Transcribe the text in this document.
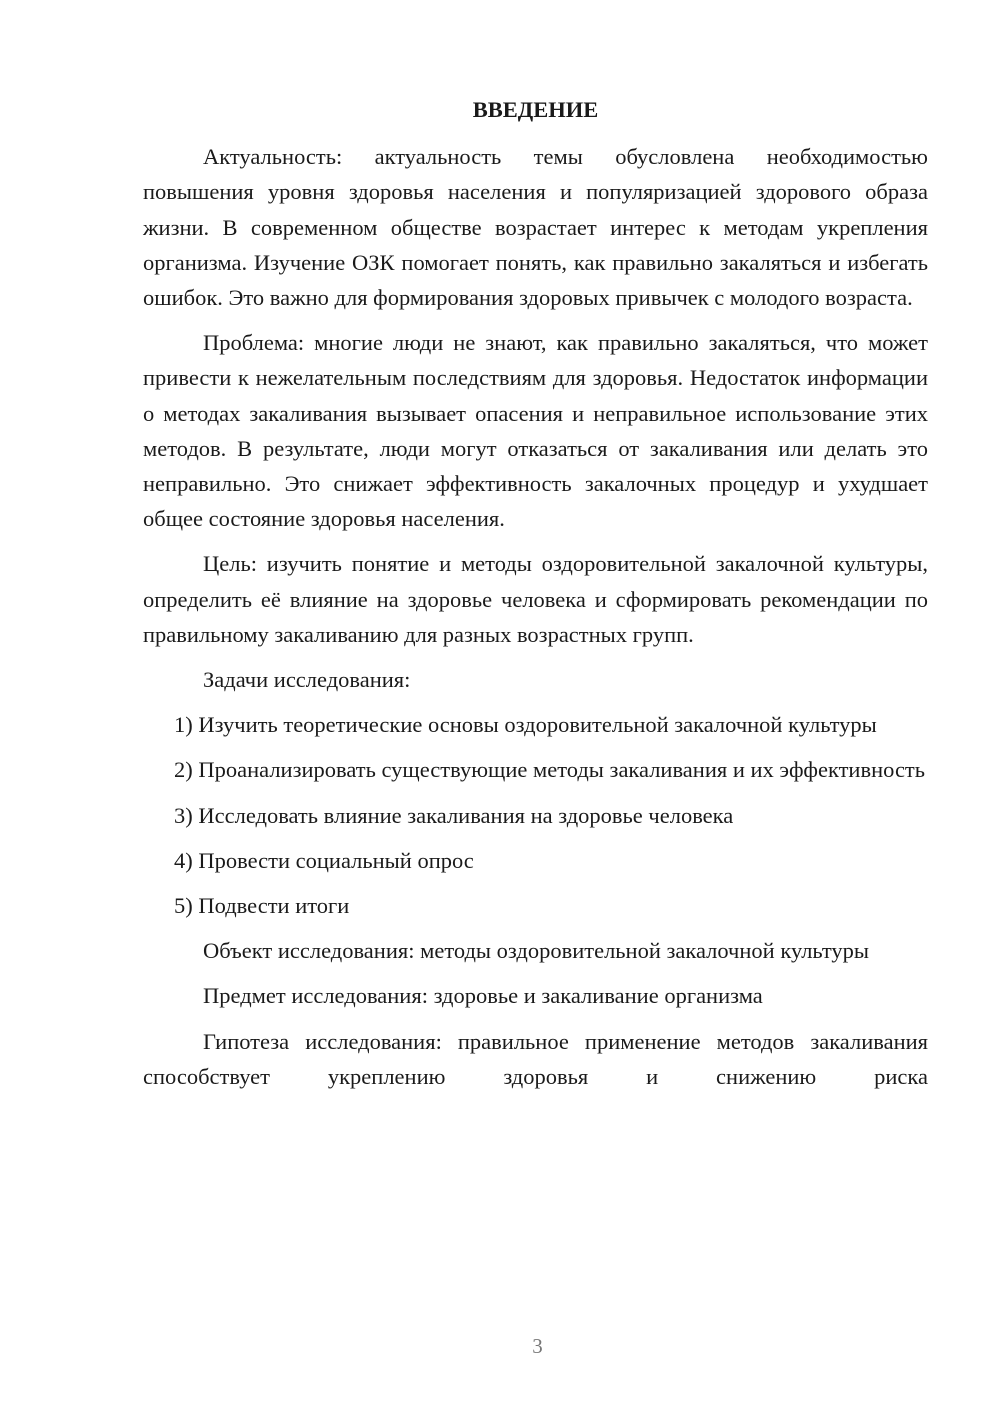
ВВЕДЕНИЕ

Актуальность: актуальность темы обусловлена необходимостью повышения уровня здоровья населения и популяризацией здорового образа жизни. В современном обществе возрастает интерес к методам укрепления организма. Изучение ОЗК помогает понять, как правильно закаляться и избегать ошибок. Это важно для формирования здоровых привычек с молодого возраста.

Проблема: многие люди не знают, как правильно закаляться, что может привести к нежелательным последствиям для здоровья. Недостаток информации о методах закаливания вызывает опасения и неправильное использование этих методов. В результате, люди могут отказаться от закаливания или делать это неправильно. Это снижает эффективность закалочных процедур и ухудшает общее состояние здоровья населения.

Цель: изучить понятие и методы оздоровительной закалочной культуры, определить её влияние на здоровье человека и сформировать рекомендации по правильному закаливанию для разных возрастных групп.

Задачи исследования:

1) Изучить теоретические основы оздоровительной закалочной культуры

2) Проанализировать существующие методы закаливания и их эффективность

3) Исследовать влияние закаливания на здоровье человека

4) Провести социальный опрос

5) Подвести итоги

Объект исследования: методы оздоровительной закалочной культуры

Предмет исследования: здоровье и закаливание организма

Гипотеза исследования: правильное применение методов закаливания способствует укреплению здоровья и снижению риска

3
